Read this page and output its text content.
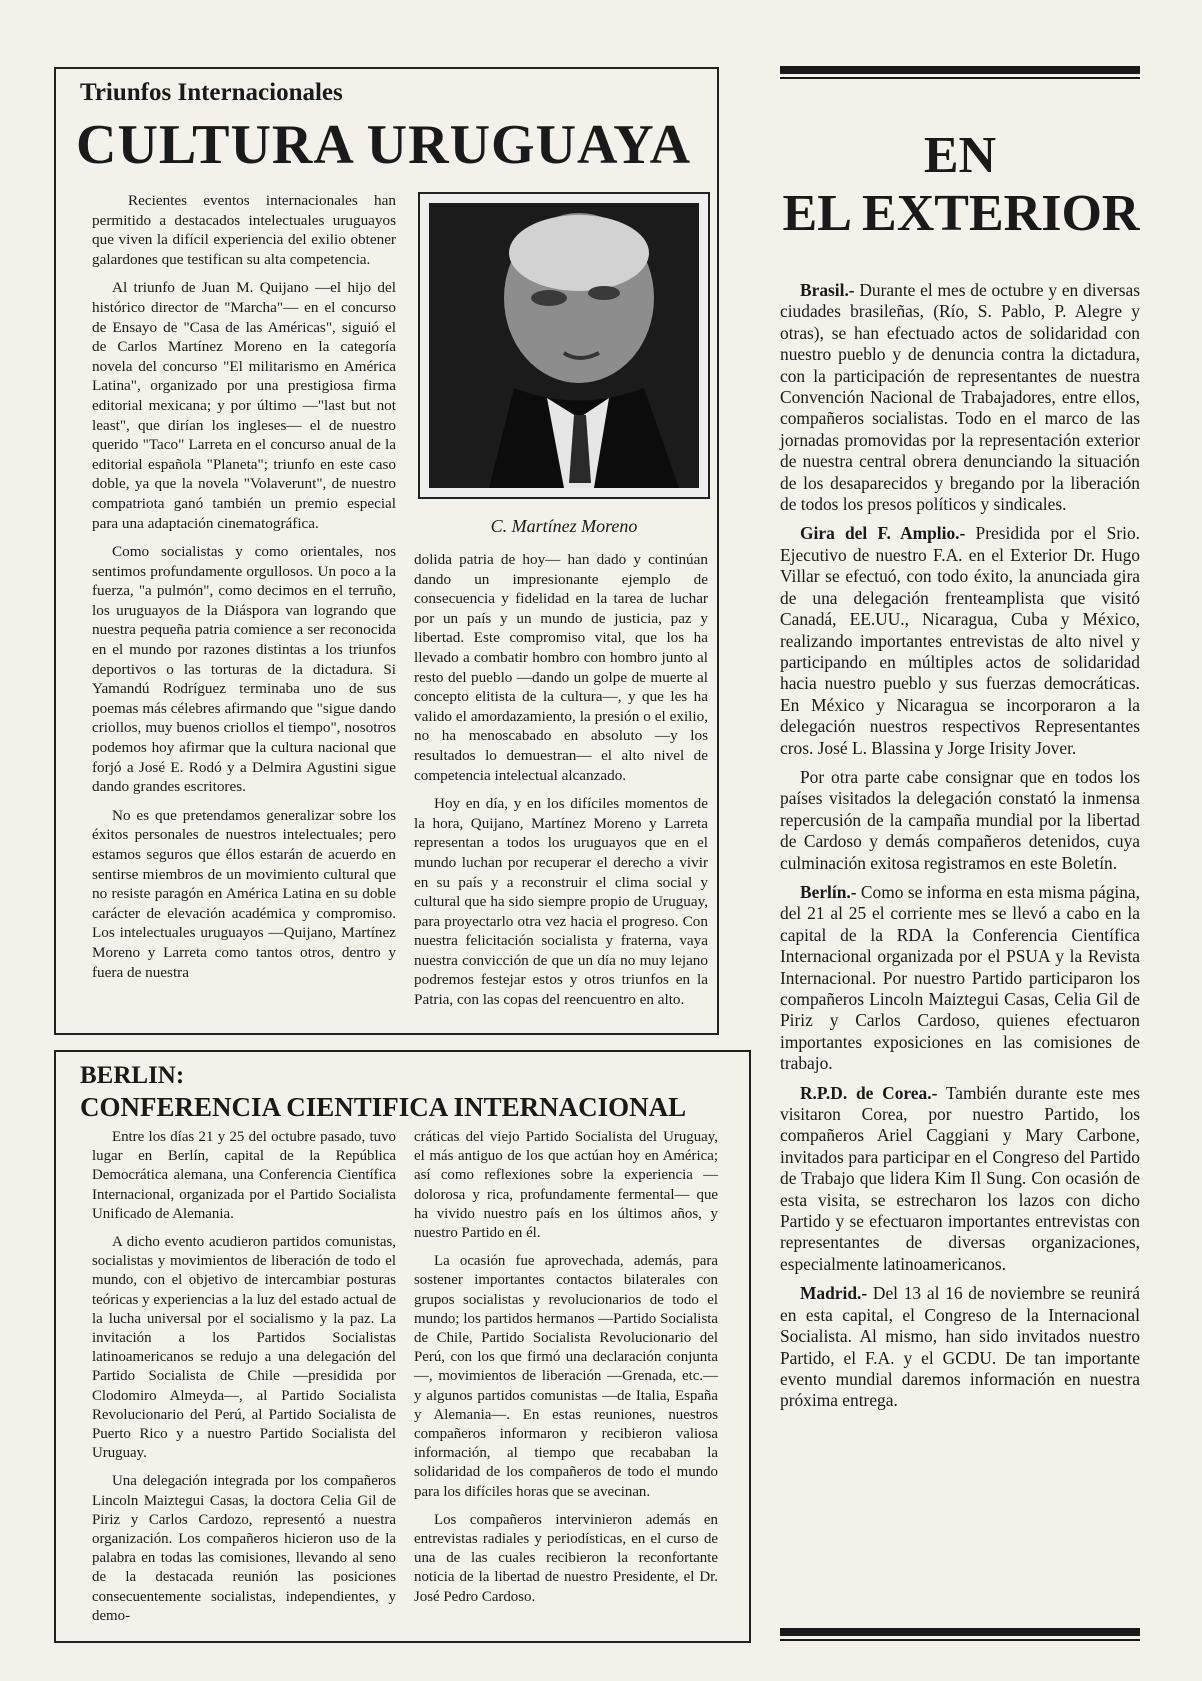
Triunfos Internacionales
CULTURA URUGUAYA

Recientes eventos internacionales han permitido a destacados intelectuales uruguayos que viven la difícil experiencia del exilio obtener galardones que testifican su alta competencia.

Al triunfo de Juan M. Quijano —el hijo del histórico director de "Marcha"— en el concurso de Ensayo de "Casa de las Américas", siguió el de Carlos Martínez Moreno en la categoría novela del concurso "El militarismo en América Latina", organizado por una prestigiosa firma editorial mexicana; y por último —"last but not least", que dirían los ingleses— el de nuestro querido "Taco" Larreta en el concurso anual de la editorial española "Planeta"; triunfo en este caso doble, ya que la novela "Volaverunt", de nuestro compatriota ganó también un premio especial para una adaptación cinematográfica.

Como socialistas y como orientales, nos sentimos profundamente orgullosos. Un poco a la fuerza, "a pulmón", como decimos en el terruño, los uruguayos de la Diáspora van logrando que nuestra pequeña patria comience a ser reconocida en el mundo por razones distintas a los triunfos deportivos o las torturas de la dictadura. Si Yamandú Rodríguez terminaba uno de sus poemas más célebres afirmando que "sigue dando criollos, muy buenos criollos el tiempo", nosotros podemos hoy afirmar que la cultura nacional que forjó a José E. Rodó y a Delmira Agustini sigue dando grandes escritores.

No es que pretendamos generalizar sobre los éxitos personales de nuestros intelectuales; pero estamos seguros que éllos estarán de acuerdo en sentirse miembros de un movimiento cultural que no resiste paragón en América Latina en su doble carácter de elevación académica y compromiso. Los intelectuales uruguayos —Quijano, Martínez Moreno y Larreta como tantos otros, dentro y fuera de nuestra

C. Martínez Moreno

dolida patria de hoy— han dado y continúan dando un impresionante ejemplo de consecuencia y fidelidad en la tarea de luchar por un país y un mundo de justicia, paz y libertad. Este compromiso vital, que los ha llevado a combatir hombro con hombro junto al resto del pueblo —dando un golpe de muerte al concepto elitista de la cultura—, y que les ha valido el amordazamiento, la presión o el exilio, no ha menoscabado en absoluto —y los resultados lo demuestran— el alto nivel de competencia intelectual alcanzado.

Hoy en día, y en los difíciles momentos de la hora, Quijano, Martínez Moreno y Larreta representan a todos los uruguayos que en el mundo luchan por recuperar el derecho a vivir en su país y a reconstruir el clima social y cultural que ha sido siempre propio de Uruguay, para proyectarlo otra vez hacia el progreso. Con nuestra felicitación socialista y fraterna, vaya nuestra convicción de que un día no muy lejano podremos festejar estos y otros triunfos en la Patria, con las copas del reencuentro en alto.

BERLIN:
CONFERENCIA CIENTIFICA INTERNACIONAL

Entre los días 21 y 25 del octubre pasado, tuvo lugar en Berlín, capital de la República Democrática alemana, una Conferencia Científica Internacional, organizada por el Partido Socialista Unificado de Alemania.

A dicho evento acudieron partidos comunistas, socialistas y movimientos de liberación de todo el mundo, con el objetivo de intercambiar posturas teóricas y experiencias a la luz del estado actual de la lucha universal por el socialismo y la paz. La invitación a los Partidos Socialistas latinoamericanos se redujo a una delegación del Partido Socialista de Chile —presidida por Clodomiro Almeyda—, al Partido Socialista Revolucionario del Perú, al Partido Socialista de Puerto Rico y a nuestro Partido Socialista del Uruguay.

Una delegación integrada por los compañeros Lincoln Maiztegui Casas, la doctora Celia Gil de Piriz y Carlos Cardozo, representó a nuestra organización. Los compañeros hicieron uso de la palabra en todas las comisiones, llevando al seno de la destacada reunión las posiciones consecuentemente socialistas, independientes, y demo-

cráticas del viejo Partido Socialista del Uruguay, el más antiguo de los que actúan hoy en América; así como reflexiones sobre la experiencia —dolorosa y rica, profundamente fermental— que ha vivido nuestro país en los últimos años, y nuestro Partido en él.

La ocasión fue aprovechada, además, para sostener importantes contactos bilaterales con grupos socialistas y revolucionarios de todo el mundo; los partidos hermanos —Partido Socialista de Chile, Partido Socialista Revolucionario del Perú, con los que firmó una declaración conjunta—, movimientos de liberación —Grenada, etc.— y algunos partidos comunistas —de Italia, España y Alemania—. En estas reuniones, nuestros compañeros informaron y recibieron valiosa información, al tiempo que recababan la solidaridad de los compañeros de todo el mundo para los difíciles horas que se avecinan.

Los compañeros intervinieron además en entrevistas radiales y periodísticas, en el curso de una de las cuales recibieron la reconfortante noticia de la libertad de nuestro Presidente, el Dr. José Pedro Cardoso.

EN
EL EXTERIOR

Brasil.- Durante el mes de octubre y en diversas ciudades brasileñas, (Río, S. Pablo, P. Alegre y otras), se han efectuado actos de solidaridad con nuestro pueblo y de denuncia contra la dictadura, con la participación de representantes de nuestra Convención Nacional de Trabajadores, entre ellos, compañeros socialistas. Todo en el marco de las jornadas promovidas por la representación exterior de nuestra central obrera denunciando la situación de los desaparecidos y bregando por la liberación de todos los presos políticos y sindicales.

Gira del F. Amplio.- Presidida por el Srio. Ejecutivo de nuestro F.A. en el Exterior Dr. Hugo Villar se efectuó, con todo éxito, la anunciada gira de una delegación frenteamplista que visitó Canadá, EE.UU., Nicaragua, Cuba y México, realizando importantes entrevistas de alto nivel y participando en múltiples actos de solidaridad hacia nuestro pueblo y sus fuerzas democráticas. En México y Nicaragua se incorporaron a la delegación nuestros respectivos Representantes cros. José L. Blassina y Jorge Irisity Jover.

Por otra parte cabe consignar que en todos los países visitados la delegación constató la inmensa repercusión de la campaña mundial por la libertad de Cardoso y demás compañeros detenidos, cuya culminación exitosa registramos en este Boletín.

Berlín.- Como se informa en esta misma página, del 21 al 25 el corriente mes se llevó a cabo en la capital de la RDA la Conferencia Científica Internacional organizada por el PSUA y la Revista Internacional. Por nuestro Partido participaron los compañeros Lincoln Maiztegui Casas, Celia Gil de Piriz y Carlos Cardoso, quienes efectuaron importantes exposiciones en las comisiones de trabajo.

R.P.D. de Corea.- También durante este mes visitaron Corea, por nuestro Partido, los compañeros Ariel Caggiani y Mary Carbone, invitados para participar en el Congreso del Partido de Trabajo que lidera Kim Il Sung. Con ocasión de esta visita, se estrecharon los lazos con dicho Partido y se efectuaron importantes entrevistas con representantes de diversas organizaciones, especialmente latinoamericanos.

Madrid.- Del 13 al 16 de noviembre se reunirá en esta capital, el Congreso de la Internacional Socialista. Al mismo, han sido invitados nuestro Partido, el F.A. y el GCDU. De tan importante evento mundial daremos información en nuestra próxima entrega.
